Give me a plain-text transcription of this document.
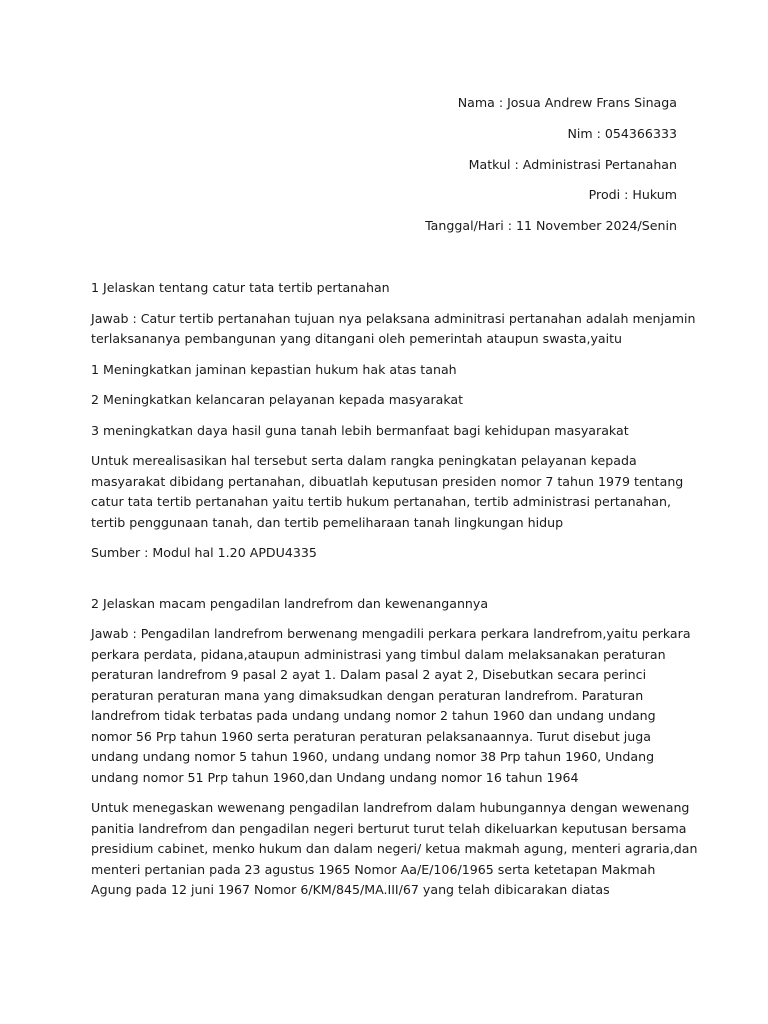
Nama : Josua Andrew Frans Sinaga
Nim : 054366333
Matkul : Administrasi Pertanahan
Prodi : Hukum
Tanggal/Hari : 11 November 2024/Senin
1 Jelaskan tentang catur tata tertib pertanahan
Jawab : Catur tertib pertanahan tujuan nya pelaksana adminitrasi pertanahan adalah menjamin
terlaksananya pembangunan yang ditangani oleh pemerintah ataupun swasta,yaitu
1 Meningkatkan jaminan kepastian hukum hak atas tanah
2 Meningkatkan kelancaran pelayanan kepada masyarakat
3 meningkatkan daya hasil guna tanah lebih bermanfaat bagi kehidupan masyarakat
Untuk merealisasikan hal tersebut serta dalam rangka peningkatan pelayanan kepada
masyarakat dibidang pertanahan, dibuatlah keputusan presiden nomor 7 tahun 1979 tentang
catur tata tertib pertanahan yaitu tertib hukum pertanahan, tertib administrasi pertanahan,
tertib penggunaan tanah, dan tertib pemeliharaan tanah lingkungan hidup
Sumber : Modul hal 1.20 APDU4335
2 Jelaskan macam pengadilan landrefrom dan kewenangannya
Jawab : Pengadilan landrefrom berwenang mengadili perkara perkara landrefrom,yaitu perkara
perkara perdata, pidana,ataupun administrasi yang timbul dalam melaksanakan peraturan
peraturan landrefrom 9 pasal 2 ayat 1. Dalam pasal 2 ayat 2, Disebutkan secara perinci
peraturan peraturan mana yang dimaksudkan dengan peraturan landrefrom. Paraturan
landrefrom tidak terbatas pada undang undang nomor 2 tahun 1960 dan undang undang
nomor 56 Prp tahun 1960 serta peraturan peraturan pelaksanaannya. Turut disebut juga
undang undang nomor 5 tahun 1960, undang undang nomor 38 Prp tahun 1960, Undang
undang nomor 51 Prp tahun 1960,dan Undang undang nomor 16 tahun 1964
Untuk menegaskan wewenang pengadilan landrefrom dalam hubungannya dengan wewenang
panitia landrefrom dan pengadilan negeri berturut turut telah dikeluarkan keputusan bersama
presidium cabinet, menko hukum dan dalam negeri/ ketua makmah agung, menteri agraria,dan
menteri pertanian pada 23 agustus 1965 Nomor Aa/E/106/1965 serta ketetapan Makmah
Agung pada 12 juni 1967 Nomor 6/KM/845/MA.III/67 yang telah dibicarakan diatas
